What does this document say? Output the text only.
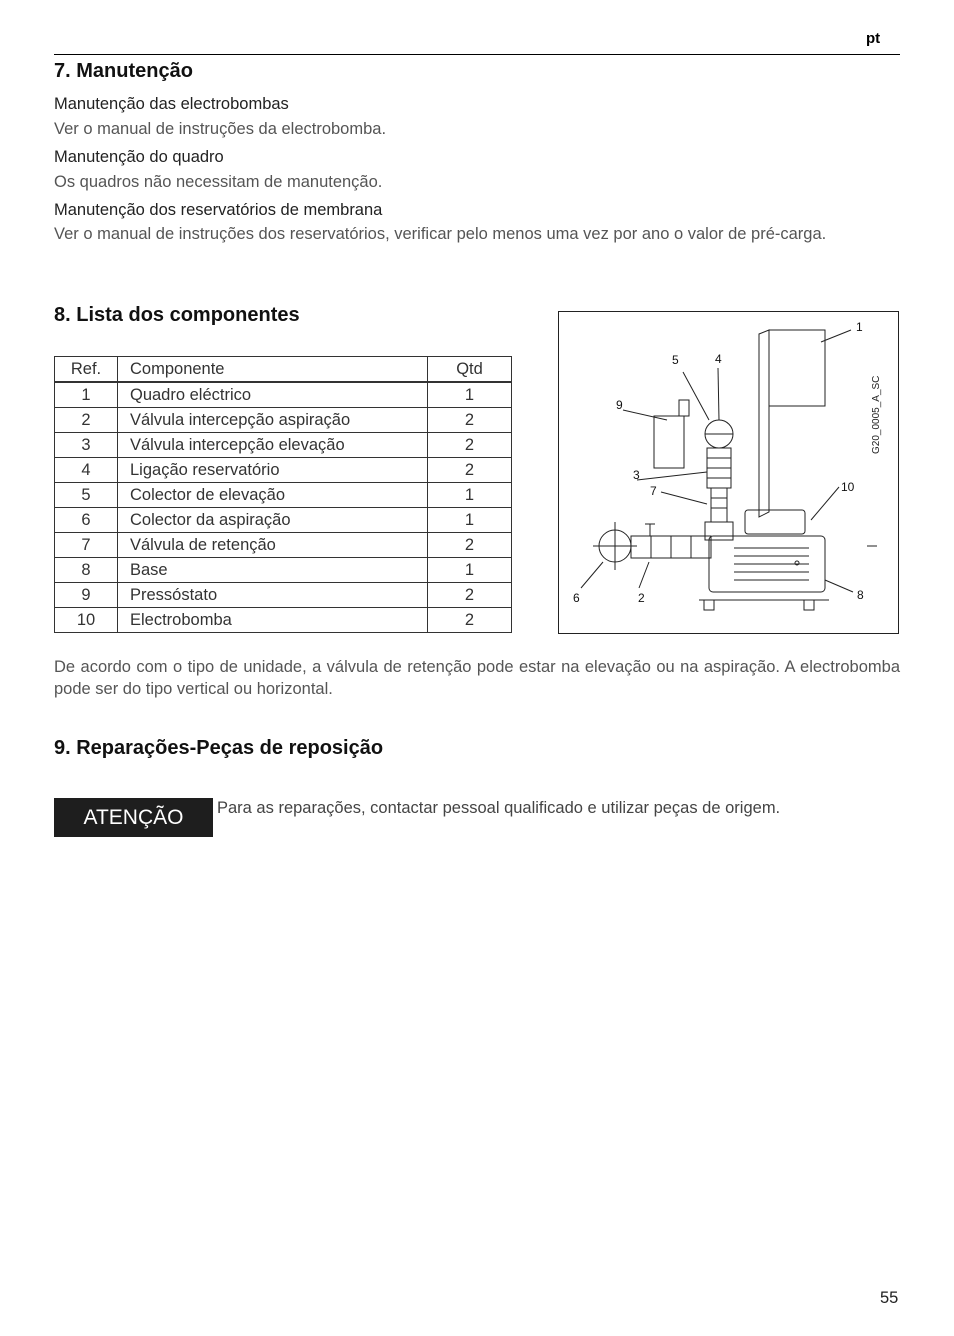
pt
7. Manutenção

Manutenção das electrobombas

Ver o manual de instruções da electrobomba.

Manutenção do quadro

Os quadros não necessitam de manutenção.

Manutenção dos reservatórios de membrana

Ver o manual de instruções dos reservatórios, verificar pelo menos uma vez por ano o valor de pré-carga.

8. Lista dos componentes
Ref.	Componente	Qtd
1	Quadro eléctrico	1
2	Válvula intercepção aspiração	2
3	Válvula intercepção elevação	2
4	Ligação reservatório	2
5	Colector de elevação	1
6	Colector da aspiração	1
7	Válvula de retenção	2
8	Base	1
9	Pressóstato	2
10	Electrobomba	2
1
5	4
9
3
7	10
6	2	8
G20_0005_A_SC

De acordo com o tipo de unidade, a válvula de retenção pode estar na elevação ou na aspiração. A electrobomba pode ser do tipo vertical ou horizontal.

9. Reparações-Peças de reposição
ATENÇÃO	Para as reparações, contactar pessoal qualificado e utilizar peças de origem.

55
